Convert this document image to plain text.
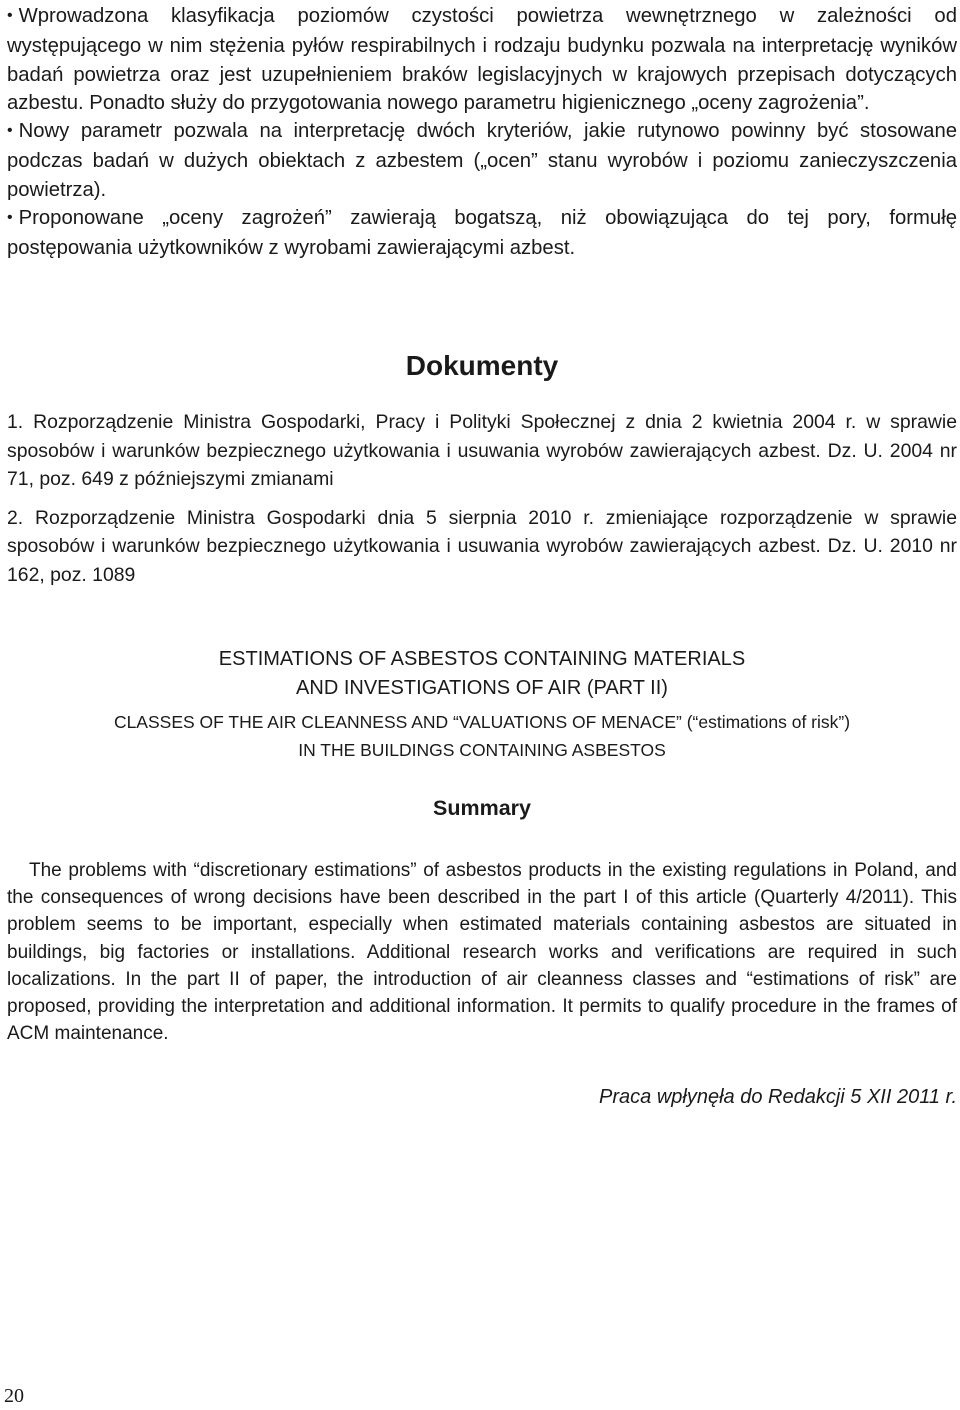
• Wprowadzona klasyfikacja poziomów czystości powietrza wewnętrznego w zależności od występującego w nim stężenia pyłów respirabilnych i rodzaju budynku pozwala na interpretację wyników badań powietrza oraz jest uzupełnieniem braków legislacyjnych w krajowych przepisach dotyczących azbestu. Ponadto służy do przygotowania nowego parametru higienicznego „oceny zagrożenia”.

• Nowy parametr pozwala na interpretację dwóch kryteriów, jakie rutynowo powinny być stosowane podczas badań w dużych obiektach z azbestem („ocen” stanu wyrobów i poziomu zanieczyszczenia powietrza).

• Proponowane „oceny zagrożeń” zawierają bogatszą, niż obowiązująca do tej pory, formułę postępowania użytkowników z wyrobami zawierającymi azbest.

Dokumenty

1. Rozporządzenie Ministra Gospodarki, Pracy i Polityki Społecznej z dnia 2 kwietnia 2004 r. w sprawie sposobów i warunków bezpiecznego użytkowania i usuwania wyrobów zawierających azbest. Dz. U. 2004 nr 71, poz. 649 z późniejszymi zmianami

2. Rozporządzenie Ministra Gospodarki dnia 5 sierpnia 2010 r. zmieniające rozporządzenie w sprawie sposobów i warunków bezpiecznego użytkowania i usuwania wyrobów zawierających azbest. Dz. U. 2010 nr 162, poz. 1089

ESTIMATIONS OF ASBESTOS CONTAINING MATERIALS

AND INVESTIGATIONS OF AIR (PART II)

CLASSES OF THE AIR CLEANNESS AND “VALUATIONS OF MENACE” (“estimations of risk”)

IN THE BUILDINGS CONTAINING ASBESTOS

Summary

The problems with “discretionary estimations” of asbestos products in the existing regulations in Poland, and the consequences of wrong decisions have been described in the part I of this article (Quarterly 4/2011). This problem seems to be important, especially when estimated materials containing asbestos are situated in buildings, big factories or installations. Additional research works and verifications are required in such localizations. In the part II of paper, the introduction of air cleanness classes and “estimations of risk” are proposed, providing the interpretation and additional information. It permits to qualify procedure in the frames of ACM maintenance.

Praca wpłynęła do Redakcji 5 XII 2011 r.

20
